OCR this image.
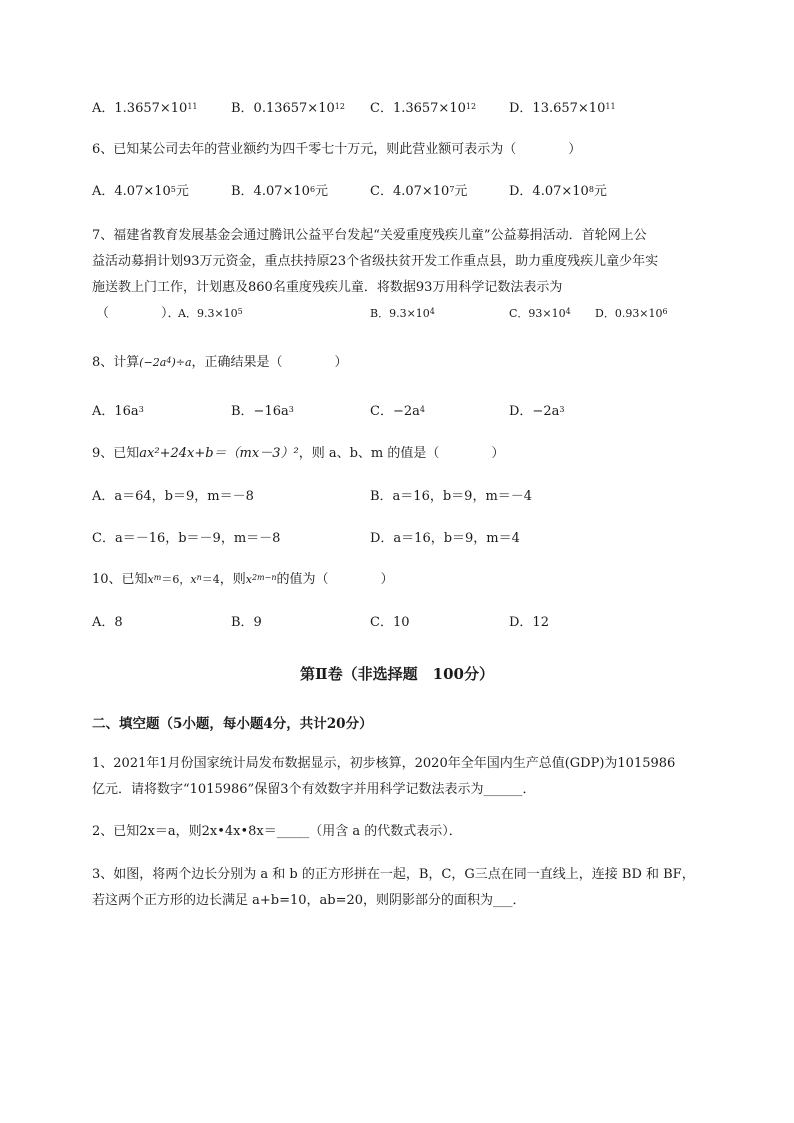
A．$1.3657\times 10^{11}$	B．$0.13657\times 10^{12}$ C．$1.3657\times 10^{12}$	D．$13.657\times 10^{11}$
6、已知某公司去年的营业额约为四千零七十万元，则此营业额可表示为（　　　　）
A．$4.07\times 10^5$元	B．$4.07\times 10^6$元	C．$4.07\times 10^7$元	D．$4.07\times 10^8$元
7、福建省教育发展基金会通过腾讯公益平台发起“关爱重度残疾儿童”公益募捐活动．首轮网上公
益活动募捐计划93万元资金，重点扶持原23个省级扶贫开发工作重点县，助力重度残疾儿童少年实
施送教上门工作，计划惠及860名重度残疾儿童．将数据93万用科学记数法表示为
（　　　　）．
A．$9.3\times 10^5$	B．$9.3\times 10^4$	C．$93\times 10^4$ D．$0.93\times 10^6$
8、计算$(-2a^4)\div a$，正确结果是（　　　　）
A．$16a^3$	B．$-16a^3$	C．$-2a^4$	D．$-2a^3$
9、已知ax²+24x+b＝（mx－3）²，则 a、b、m 的值是（　　　　）
A．a＝64，b＝9，m＝－8	B．a＝16，b＝9，m＝－4
C．a＝－16，b＝－9，m＝－8	D．a＝16，b＝9，m＝4
10、已知$x^m=6$，$x^n=4$，则$x^{2m-n}$的值为（　　　　）
A．8	B．9	C．10	D．12
第Ⅱ卷（非选择题　100分）
二、填空题（5小题，每小题4分，共计20分）
1、2021年1月份国家统计局发布数据显示，初步核算，2020年全年国内生产总值(GDP)为1015986
亿元．请将数字“1015986”保留3个有效数字并用科学记数法表示为______．
2、已知2x＝a，则2x•4x•8x＝_____（用含 a 的代数式表示）．
3、如图，将两个边长分别为 a 和 b 的正方形拼在一起，B，C，G三点在同一直线上，连接 BD 和 BF，
若这两个正方形的边长满足 a+b=10，ab=20，则阴影部分的面积为___．
